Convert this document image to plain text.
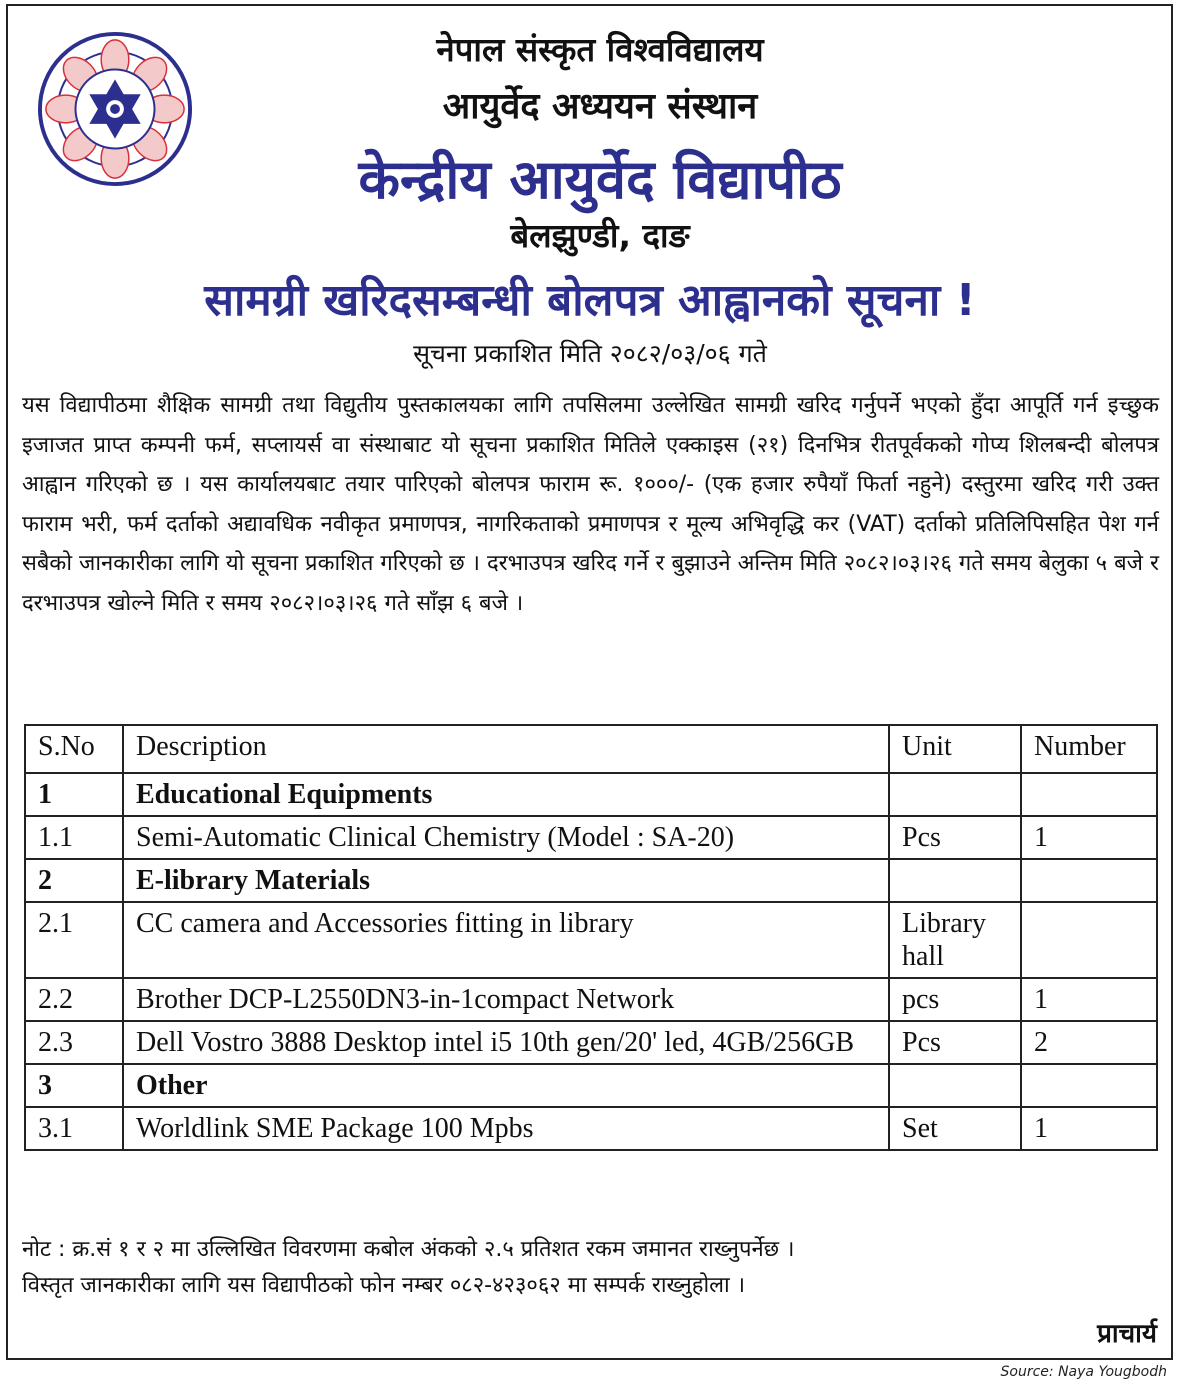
नेपाल संस्कृत विश्वविद्यालय
आयुर्वेद अध्ययन संस्थान
केन्द्रीय आयुर्वेद विद्यापीठ
बेलझुण्डी, दाङ
सामग्री खरिदसम्बन्धी बोलपत्र आह्वानको सूचना !
सूचना प्रकाशित मिति २०८२/०३/०६ गते
यस विद्यापीठमा शैक्षिक सामग्री तथा विद्युतीय पुस्तकालयका लागि तपसिलमा उल्लेखित सामग्री खरिद गर्नुपर्ने भएको हुँदा आपूर्ति गर्न इच्छुक इजाजत प्राप्त कम्पनी फर्म, सप्लायर्स वा संस्थाबाट यो सूचना प्रकाशित मितिले एक्काइस (२१) दिनभित्र रीतपूर्वकको गोप्य शिलबन्दी बोलपत्र आह्वान गरिएको छ । यस कार्यालयबाट तयार पारिएको बोलपत्र फाराम रू. १०००/- (एक हजार रुपैयाँ फिर्ता नहुने) दस्तुरमा खरिद गरी उक्त फाराम भरी, फर्म दर्ताको अद्यावधिक नवीकृत प्रमाणपत्र, नागरिकताको प्रमाणपत्र र मूल्य अभिवृद्धि कर (VAT) दर्ताको प्रतिलिपिसहित पेश गर्न सबैको जानकारीका लागि यो सूचना प्रकाशित गरिएको छ । दरभाउपत्र खरिद गर्ने र बुझाउने अन्तिम मिति २०८२।०३।२६ गते समय बेलुका ५ बजे र दरभाउपत्र खोल्ने मिति र समय २०८२।०३।२६ गते साँझ ६ बजे ।
S.No	Description	Unit	Number
1	Educational Equipments		
1.1	Semi-Automatic Clinical Chemistry (Model : SA-20)	Pcs	1
2	E-library Materials		
2.1	CC camera and Accessories fitting in library	Library hall	
2.2	Brother DCP-L2550DN3-in-1compact Network	pcs	1
2.3	Dell Vostro 3888 Desktop intel i5 10th gen/20' led, 4GB/256GB	Pcs	2
3	Other		
3.1	Worldlink SME Package 100 Mpbs	Set	1
नोट : क्र.सं १ र २ मा उल्लिखित विवरणमा कबोल अंकको २.५ प्रतिशत रकम जमानत राख्नुपर्नेछ ।
विस्तृत जानकारीका लागि यस विद्यापीठको फोन नम्बर ०८२-४२३०६२ मा सम्पर्क राख्नुहोला ।
प्राचार्य
Source: Naya Yougbodh
